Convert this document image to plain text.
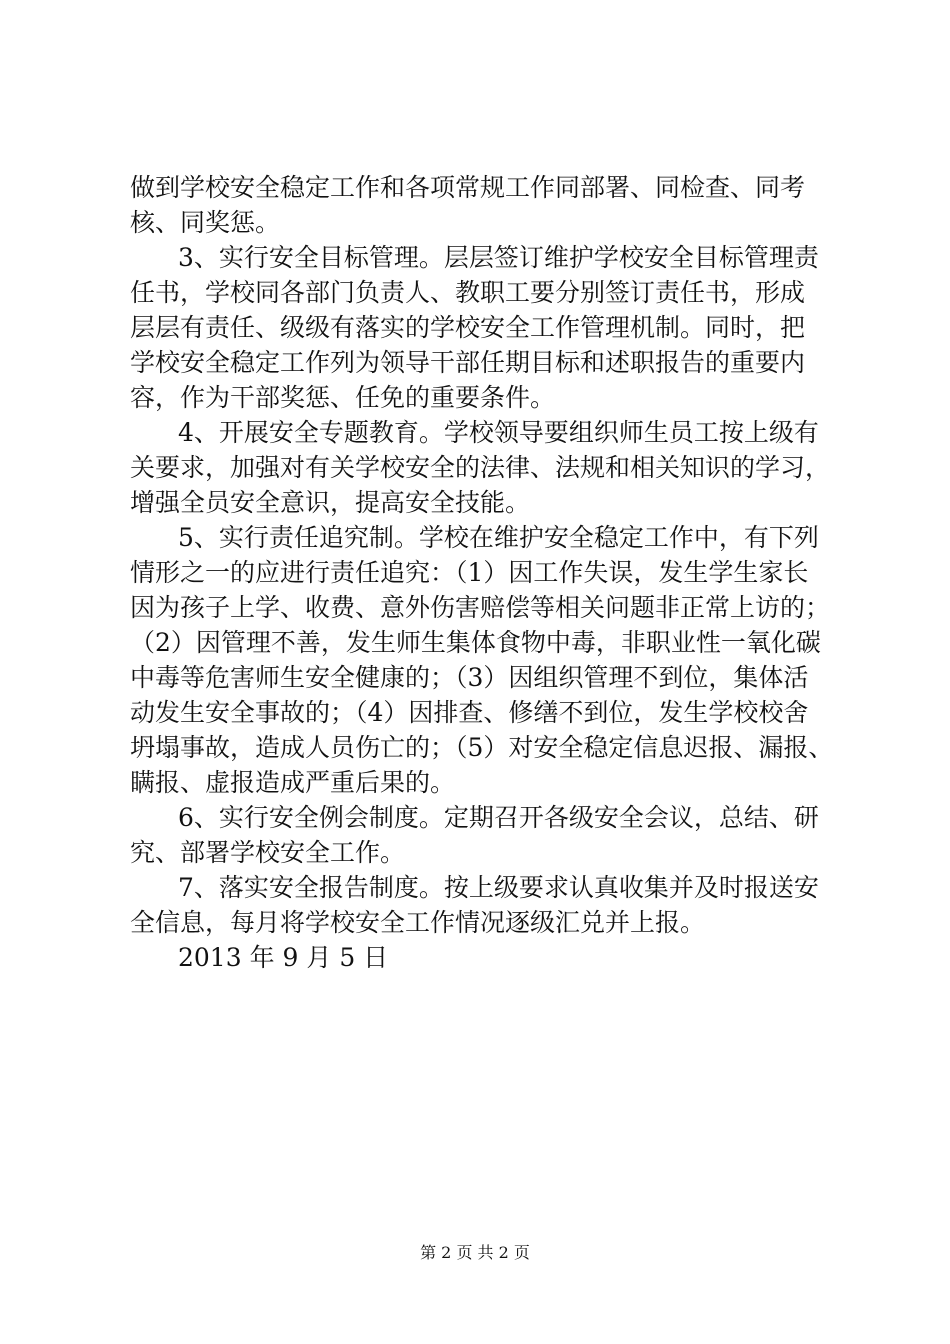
做到学校安全稳定工作和各项常规工作同部署、同检查、同考
核、同奖惩。
3、实行安全目标管理。层层签订维护学校安全目标管理责
任书，学校同各部门负责人、教职工要分别签订责任书，形成
层层有责任、级级有落实的学校安全工作管理机制。同时，把
学校安全稳定工作列为领导干部任期目标和述职报告的重要内
容，作为干部奖惩、任免的重要条件。
4、开展安全专题教育。学校领导要组织师生员工按上级有
关要求，加强对有关学校安全的法律、法规和相关知识的学习，
增强全员安全意识，提高安全技能。
5、实行责任追究制。学校在维护安全稳定工作中，有下列
情形之一的应进行责任追究：（1）因工作失误，发生学生家长
因为孩子上学、收费、意外伤害赔偿等相关问题非正常上访的；
（2）因管理不善，发生师生集体食物中毒，非职业性一氧化碳
中毒等危害师生安全健康的；（3）因组织管理不到位，集体活
动发生安全事故的；（4）因排查、修缮不到位，发生学校校舍
坍塌事故，造成人员伤亡的；（5）对安全稳定信息迟报、漏报、
瞒报、虚报造成严重后果的。
6、实行安全例会制度。定期召开各级安全会议，总结、研
究、部署学校安全工作。
7、落实安全报告制度。按上级要求认真收集并及时报送安
全信息，每月将学校安全工作情况逐级汇兑并上报。
2013 年 9 月 5 日
第 2 页 共 2 页
